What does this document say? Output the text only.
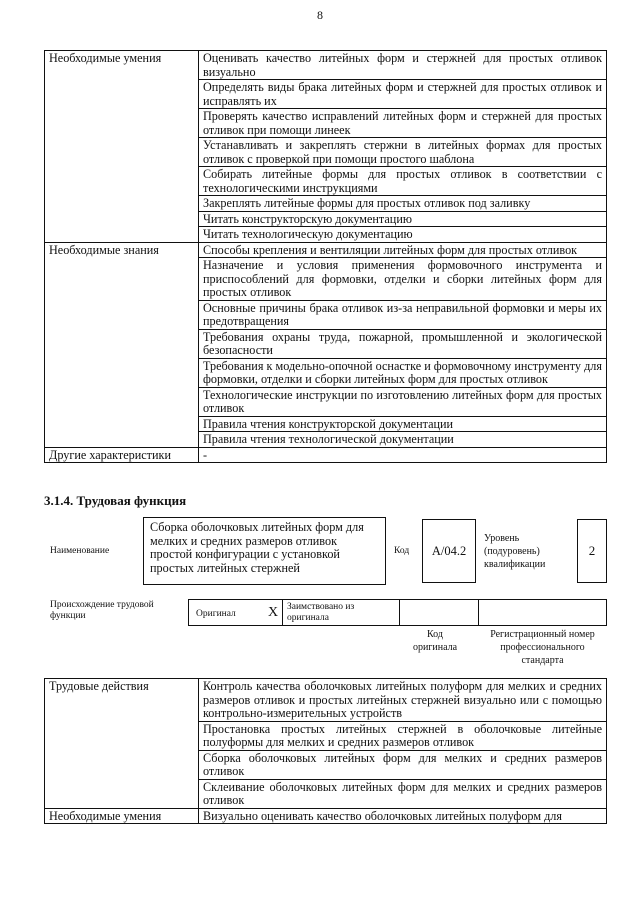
8
Необходимые умения	Оценивать качество литейных форм и стержней для простых отливок визуально
	Определять виды брака литейных форм и стержней для простых отливок и исправлять их
	Проверять качество исправлений литейных форм и стержней для простых отливок при помощи линеек
	Устанавливать и закреплять стержни в литейных формах для простых отливок с проверкой при помощи простого шаблона
	Собирать литейные формы для простых отливок в соответствии с технологическими инструкциями
	Закреплять литейные формы для простых отливок под заливку
	Читать конструкторскую документацию
	Читать технологическую документацию
Необходимые знания	Способы крепления и вентиляции литейных форм для простых отливок
	Назначение и условия применения формовочного инструмента и приспособлений для формовки, отделки и сборки литейных форм для простых отливок
	Основные причины брака отливок из-за неправильной формовки и меры их предотвращения
	Требования охраны труда, пожарной, промышленной и экологической безопасности
	Требования к модельно-опочной оснастке и формовочному инструменту для формовки, отделки и сборки литейных форм для простых отливок
	Технологические инструкции по изготовлению литейных форм для простых отливок
	Правила чтения конструкторской документации
	Правила чтения технологической документации
Другие характеристики	-
3.1.4. Трудовая функция
Наименование
Сборка оболочковых литейных форм для мелких и средних размеров отливок простой конфигурации с установкой простых литейных стержней
Код	A/04.2
Уровень (подуровень) квалификации
2
Происхождение трудовой функции	Оригинал X Заимствовано из оригинала
Код оригинала
Регистрационный номер профессионального стандарта
Трудовые действия	Контроль качества оболочковых литейных полуформ для мелких и средних размеров отливок и простых литейных стержней визуально или с помощью контрольно-измерительных устройств
	Простановка простых литейных стержней в оболочковые литейные полуформы для мелких и средних размеров отливок
	Сборка оболочковых литейных форм для мелких и средних размеров отливок
	Склеивание оболочковых литейных форм для мелких и средних размеров отливок
Необходимые умения	Визуально оценивать качество оболочковых литейных полуформ для
